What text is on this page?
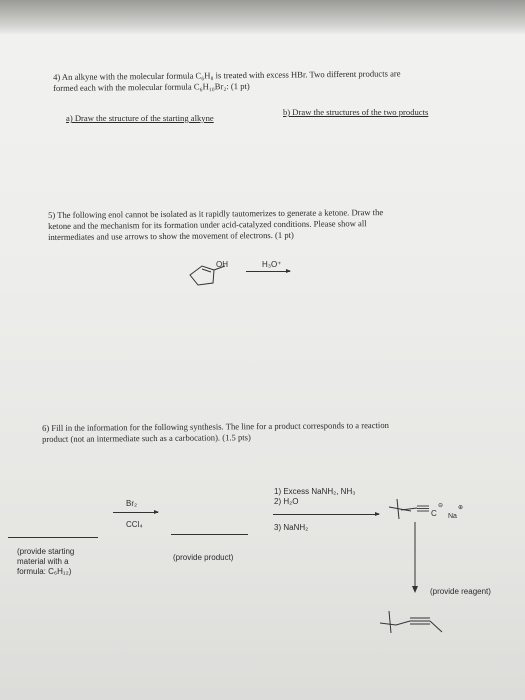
4) An alkyne with the molecular formula C₆H₈ is treated with excess HBr. Two different products are
formed each with the molecular formula C₆H₁₀Br₂: (1 pt)
a) Draw the structure of the starting alkyne
b) Draw the structures of the two products
5) The following enol cannot be isolated as it rapidly tautomerizes to generate a ketone. Draw the
ketone and the mechanism for its formation under acid-catalyzed conditions. Please show all
intermediates and use arrows to show the movement of electrons. (1 pt)
OH	H₃O⁺
6) Fill in the information for the following synthesis. The line for a product corresponds to a reaction
product (not an intermediate such as a carbocation). (1.5 pts)
Br₂
CCl₄
1) Excess NaNH₂, NH₃
2) H₂O
3) NaNH₂
C
⊖
Na
⊕
(provide starting
material with a
formula: C₆H₁₂)
(provide product)
(provide reagent)
